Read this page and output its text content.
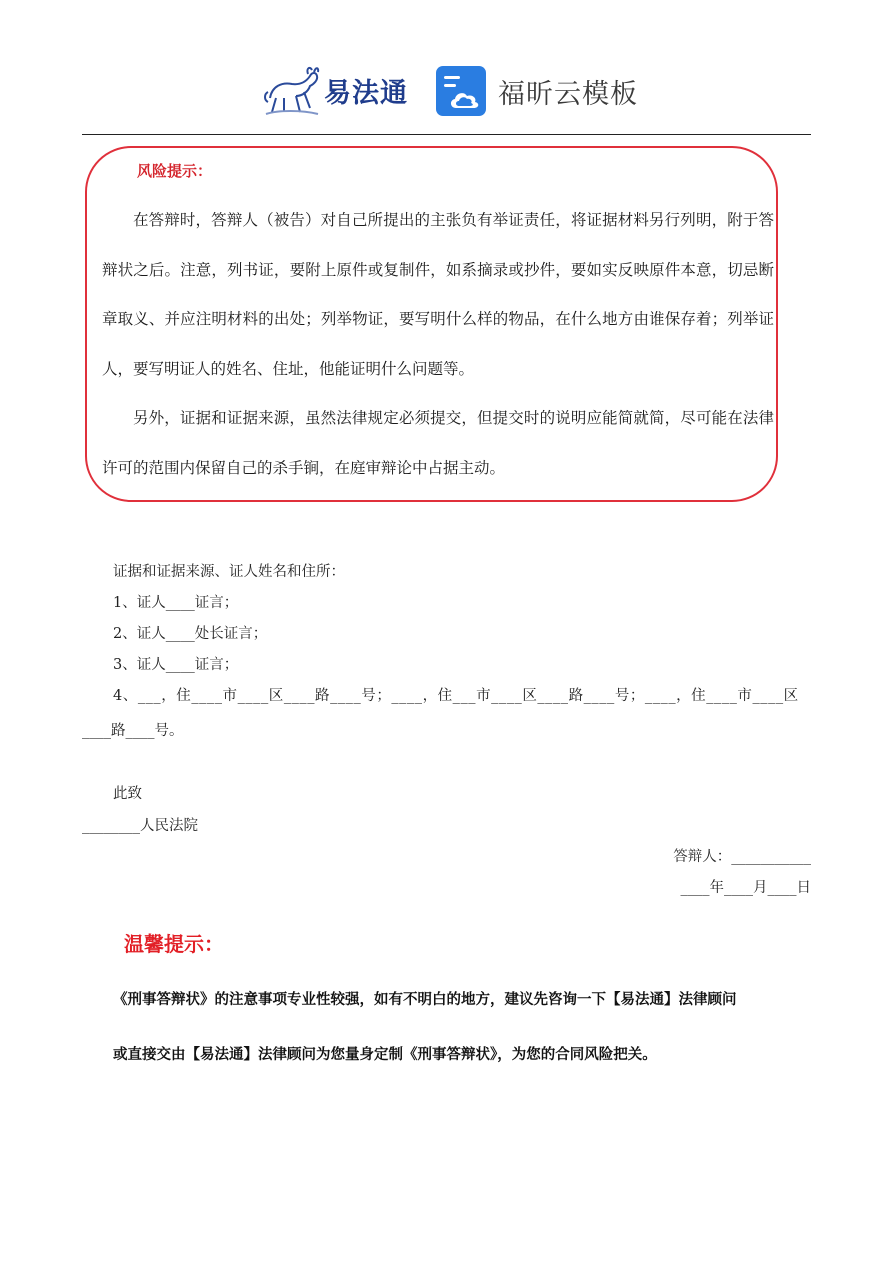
易法通	福昕云模板
风险提示：

在答辩时，答辩人（被告）对自己所提出的主张负有举证责任，将证据材料另行列明，附于答辩状之后。注意，列书证，要附上原件或复制件，如系摘录或抄件，要如实反映原件本意，切忌断章取义、并应注明材料的出处；列举物证，要写明什么样的物品，在什么地方由谁保存着；列举证人，要写明证人的姓名、住址，他能证明什么问题等。

另外，证据和证据来源，虽然法律规定必须提交，但提交时的说明应能简就简，尽可能在法律许可的范围内保留自己的杀手锏，在庭审辩论中占据主动。

证据和证据来源、证人姓名和住所：
1、证人____证言；
2、证人____处长证言；
3、证人____证言；
4、___，住____市____区____路____号；____，住___市____区____路____号；____，住____市____区
____路____号。
此致
________人民法院
答辩人：___________
____年____月____日
温馨提示：
《刑事答辩状》的注意事项专业性较强，如有不明白的地方，建议先咨询一下【易法通】法律顾问
或直接交由【易法通】法律顾问为您量身定制《刑事答辩状》，为您的合同风险把关。
